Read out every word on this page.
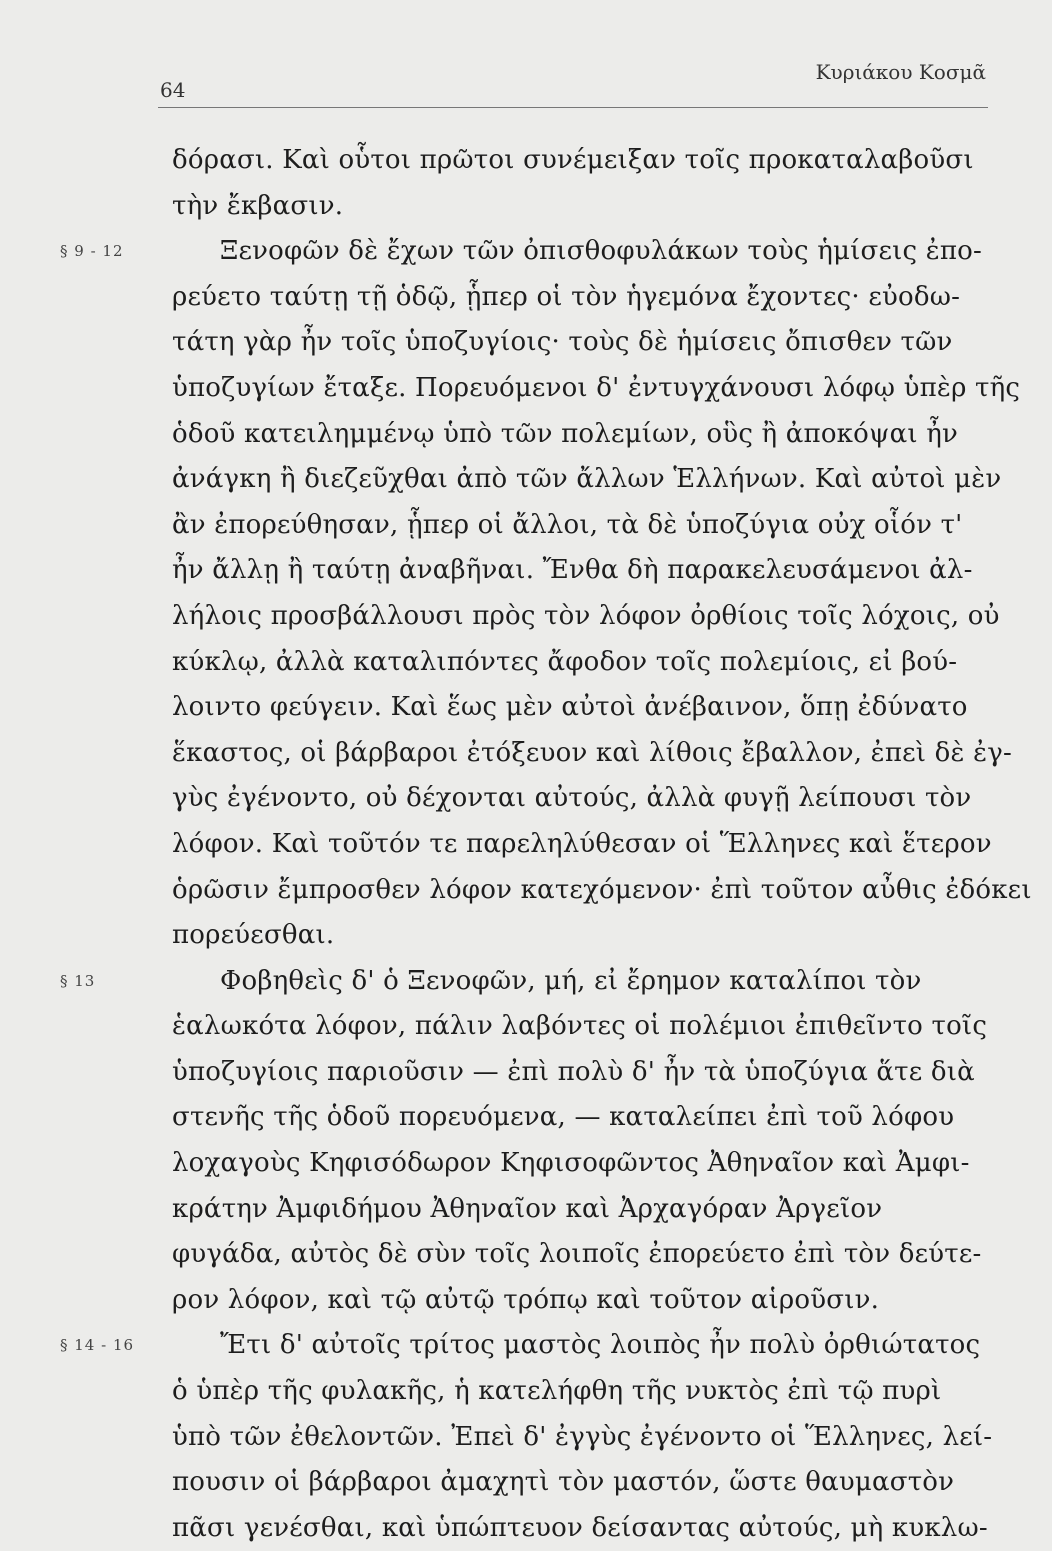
64
Κυριάκου Κοσμᾶ
δόρασι. Καὶ οὗτοι πρῶτοι συνέμειξαν τοῖς προκαταλαβοῦσι
τὴν ἔκβασιν.
§ 9 - 12	Ξενοφῶν δὲ ἔχων τῶν ὀπισθοφυλάκων τοὺς ἡμίσεις ἐπο-
ρεύετο ταύτῃ τῇ ὁδῷ, ᾗπερ οἱ τὸν ἡγεμόνα ἔχοντες· εὐοδω-
τάτη γὰρ ἦν τοῖς ὑποζυγίοις· τοὺς δὲ ἡμίσεις ὄπισθεν τῶν
ὑποζυγίων ἔταξε. Πορευόμενοι δ' ἐντυγχάνουσι λόφῳ ὑπὲρ τῆς
ὁδοῦ κατειλημμένῳ ὑπὸ τῶν πολεμίων, οὓς ἢ ἀποκόψαι ἦν
ἀνάγκη ἢ διεζεῦχθαι ἀπὸ τῶν ἄλλων Ἑλλήνων. Καὶ αὐτοὶ μὲν
ἂν ἐπορεύθησαν, ᾗπερ οἱ ἄλλοι, τὰ δὲ ὑποζύγια οὐχ οἷόν τ'
ἦν ἄλλῃ ἢ ταύτῃ ἀναβῆναι. Ἔνθα δὴ παρακελευσάμενοι ἀλ-
λήλοις προσβάλλουσι πρὸς τὸν λόφον ὀρθίοις τοῖς λόχοις, οὐ
κύκλῳ, ἀλλὰ καταλιπόντες ἄφοδον τοῖς πολεμίοις, εἰ βού-
λοιντο φεύγειν. Καὶ ἕως μὲν αὐτοὶ ἀνέβαινον, ὅπῃ ἐδύνατο
ἕκαστος, οἱ βάρβαροι ἐτόξευον καὶ λίθοις ἔβαλλον, ἐπεὶ δὲ ἐγ-
γὺς ἐγένοντο, οὐ δέχονται αὐτούς, ἀλλὰ φυγῇ λείπουσι τὸν
λόφον. Καὶ τοῦτόν τε παρεληλύθεσαν οἱ Ἕλληνες καὶ ἕτερον
ὁρῶσιν ἔμπροσθεν λόφον κατεχόμενον· ἐπὶ τοῦτον αὖθις ἐδόκει
πορεύεσθαι.
§ 13	Φοβηθεὶς δ' ὁ Ξενοφῶν, μή, εἰ ἔρημον καταλίποι τὸν
ἑαλωκότα λόφον, πάλιν λαβόντες οἱ πολέμιοι ἐπιθεῖντο τοῖς
ὑποζυγίοις παριοῦσιν — ἐπὶ πολὺ δ' ἦν τὰ ὑποζύγια ἅτε διὰ
στενῆς τῆς ὁδοῦ πορευόμενα, — καταλείπει ἐπὶ τοῦ λόφου
λοχαγοὺς Κηφισόδωρον Κηφισοφῶντος Ἀθηναῖον καὶ Ἀμφι-
κράτην Ἀμφιδήμου Ἀθηναῖον καὶ Ἀρχαγόραν Ἀργεῖον
φυγάδα, αὐτὸς δὲ σὺν τοῖς λοιποῖς ἐπορεύετο ἐπὶ τὸν δεύτε-
ρον λόφον, καὶ τῷ αὐτῷ τρόπῳ καὶ τοῦτον αἱροῦσιν.
§ 14 - 16	Ἔτι δ' αὐτοῖς τρίτος μαστὸς λοιπὸς ἦν πολὺ ὀρθιώτατος
ὁ ὑπὲρ τῆς φυλακῆς, ἡ κατελήφθη τῆς νυκτὸς ἐπὶ τῷ πυρὶ
ὑπὸ τῶν ἐθελοντῶν. Ἐπεὶ δ' ἐγγὺς ἐγένοντο οἱ Ἕλληνες, λεί-
πουσιν οἱ βάρβαροι ἀμαχητὶ τὸν μαστόν, ὥστε θαυμαστὸν
πᾶσι γενέσθαι, καὶ ὑπώπτευον δείσαντας αὐτούς, μὴ κυκλω-
